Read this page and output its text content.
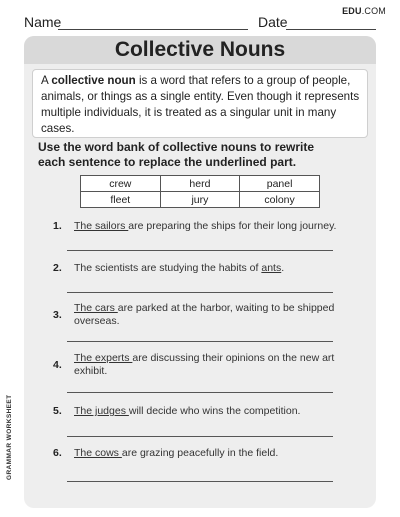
Name	Date
EDU.COM
Collective Nouns
A collective noun is a word that refers to a group of people, animals, or things as a single entity. Even though it represents multiple individuals, it is treated as a singular unit in many cases.
Use the word bank of collective nouns to rewrite each sentence to replace the underlined part.
crew	herd	panel
fleet	jury	colony
1. The sailors are preparing the ships for their long journey.
2. The scientists are studying the habits of ants.
3.
The cars are parked at the harbor, waiting to be shipped overseas.
4.
The experts are discussing their opinions on the new art exhibit.
5. The judges will decide who wins the competition.
6. The cows are grazing peacefully in the field.
GRAMMAR WORKSHEET
